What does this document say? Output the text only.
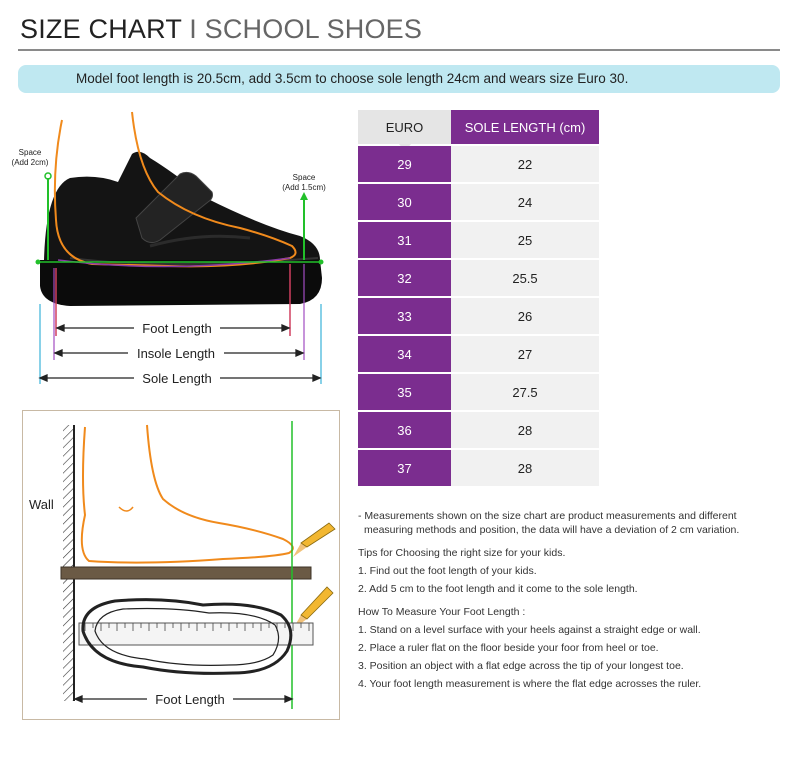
SIZE CHART I SCHOOL SHOES
Model foot length is 20.5cm, add 3.5cm to choose sole length 24cm and wears size Euro 30.
Space
(Add 2cm)
Space
(Add 1.5cm)
Foot Length
Insole Length
Sole Length
Wall
Foot Length
EURO	SOLE LENGTH (cm)
29	22
30	24
31	25
32	25.5
33	26
34	27
35	27.5
36	28
37	28

- Measurements shown on the size chart are product measurements and different measuring methods and position, the data will have a deviation of 2 cm variation.

Tips for Choosing the right size for your kids.

1. Find out the foot length of your kids.

2. Add 5 cm to the foot length and it come to the sole length.

How To Measure Your Foot Length :

1. Stand on a level surface with your heels against a straight edge or wall.

2. Place a ruler flat on the floor beside your foor from heel or toe.

3. Position an object with a flat edge across the tip of your longest toe.

4. Your foot length measurement is where the flat edge acrosses the ruler.
